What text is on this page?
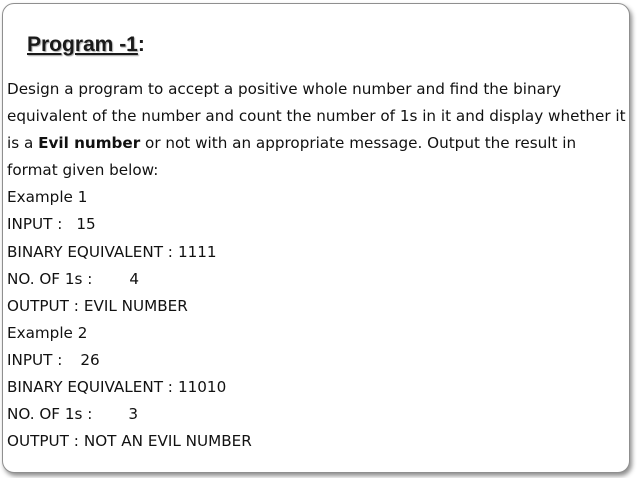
Program -1:
Design a program to accept a positive whole number and find the binary
equivalent of the number and count the number of 1s in it and display whether it
is a Evil number or not with an appropriate message. Output the result in
format given below:
Example 1
INPUT : 15
BINARY EQUIVALENT : 1111
NO. OF 1s : 4
OUTPUT : EVIL NUMBER
Example 2
INPUT : 26
BINARY EQUIVALENT : 11010
NO. OF 1s : 3
OUTPUT : NOT AN EVIL NUMBER
